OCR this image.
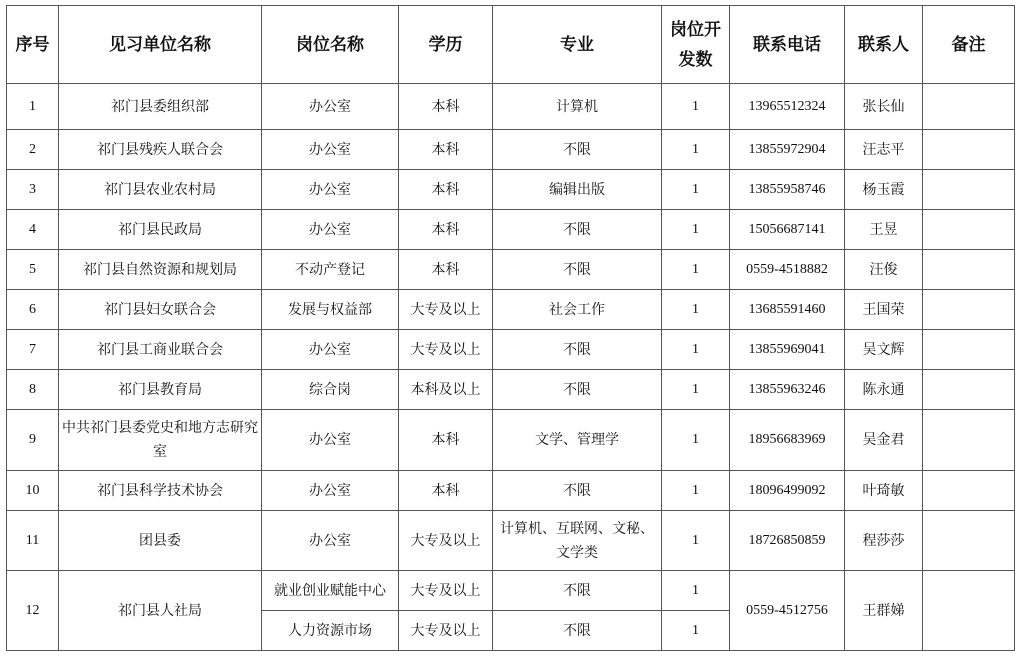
序号	见习单位名称	岗位名称	学历	专业	岗位开发数	联系电话	联系人	备注
1	祁门县委组织部	办公室	本科	计算机	1	13965512324	张长仙	
2	祁门县残疾人联合会	办公室	本科	不限	1	13855972904	汪志平	
3	祁门县农业农村局	办公室	本科	编辑出版	1	13855958746	杨玉霞	
4	祁门县民政局	办公室	本科	不限	1	15056687141	王昱	
5	祁门县自然资源和规划局	不动产登记	本科	不限	1	0559-4518882	汪俊	
6	祁门县妇女联合会	发展与权益部	大专及以上	社会工作	1	13685591460	王国荣	
7	祁门县工商业联合会	办公室	大专及以上	不限	1	13855969041	吴文辉	
8	祁门县教育局	综合岗	本科及以上	不限	1	13855963246	陈永通	
9	中共祁门县委党史和地方志研究室	办公室	本科	文学、管理学	1	18956683969	吴金君	
10	祁门县科学技术协会	办公室	本科	不限	1	18096499092	叶琦敏	
11	团县委	办公室	大专及以上	计算机、互联网、文秘、文学类	1	18726850859	程莎莎	
12	祁门县人社局	就业创业赋能中心	大专及以上	不限	1	0559-4512756	王群娣	
		人力资源市场	大专及以上	不限	1			
